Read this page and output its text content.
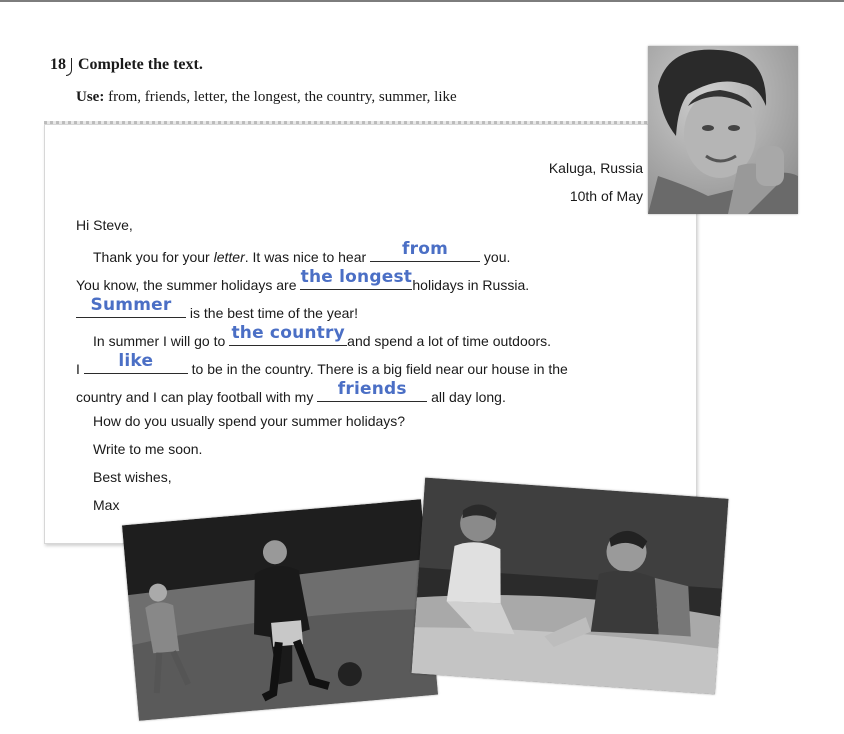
18 Complete the text.
Use: from, friends, letter, the longest, the country, summer, like
Kaluga, Russia
10th of May
Hi Steve,
Thank you for your letter. It was nice to hear	from	you.
You know, the summer holidays are the longest holidays in Russia.
Summer	is the best time of the year!
In summer I will go to the country and spend a lot of time outdoors.
I	like	to be in the country. There is a big field near our house in the
country and I can play football with my	friends	all day long.
How do you usually spend your summer holidays?
Write to me soon.
Best wishes,
Max
